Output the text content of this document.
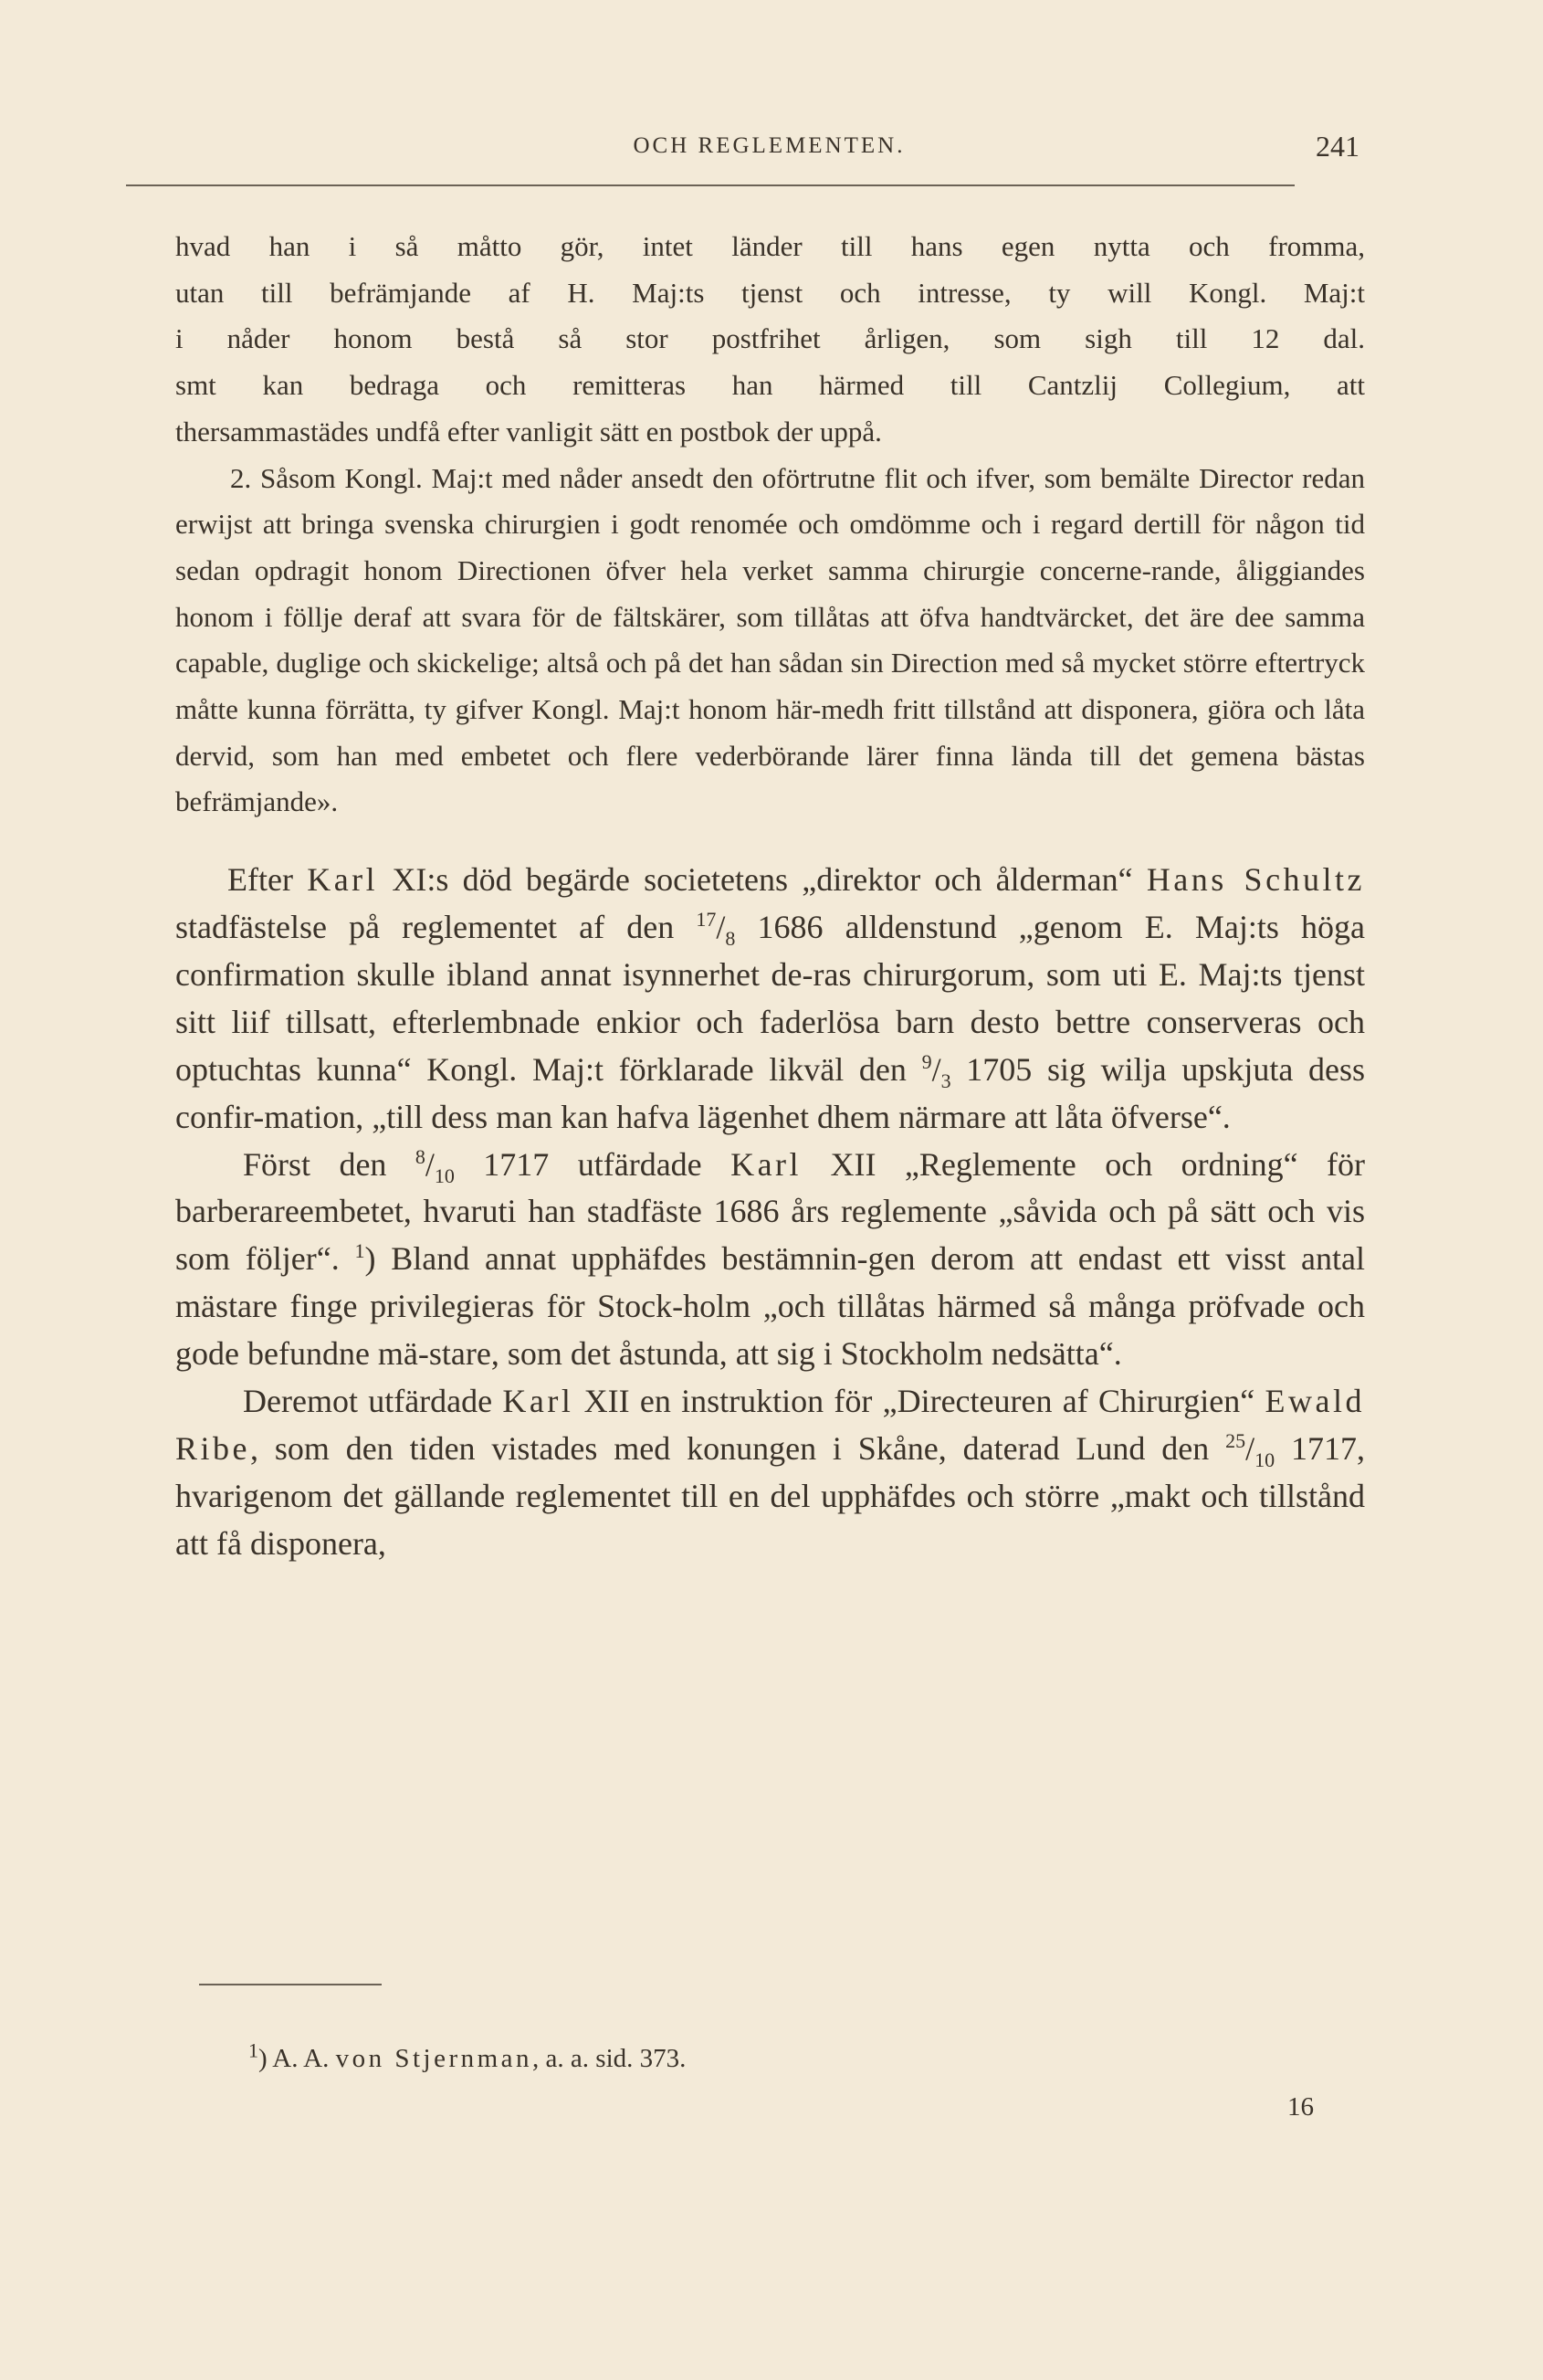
OCH REGLEMENTEN.	241
hvad han i så måtto gör, intet länder till hans egen nytta och fromma,
utan till befrämjande af H. Maj:ts tjenst och intresse, ty will Kongl. Maj:t
i nåder honom bestå så stor postfrihet årligen, som sigh till 12 dal.
smt kan bedraga och remitteras han härmed till Cantzlij Collegium, att
thersammastädes undfå efter vanligit sätt en postbok der uppå.

2. Såsom Kongl. Maj:t med nåder ansedt den oförtrutne flit och ifver, som bemälte Director redan erwijst att bringa svenska chirurgien i godt renomée och omdömme och i regard dertill för någon tid sedan opdragit honom Directionen öfver hela verket samma chirurgie concerne-rande, åliggiandes honom i föllje deraf att svara för de fältskärer, som tillåtas att öfva handtvärcket, det äre dee samma capable, duglige och skickelige; altså och på det han sådan sin Direction med så mycket större eftertryck måtte kunna förrätta, ty gifver Kongl. Maj:t honom här-medh fritt tillstånd att disponera, giöra och låta dervid, som han med embetet och flere vederbörande lärer finna lända till det gemena bästas befrämjande».

Efter Karl XI:s död begärde societetens „direktor och ålderman“ Hans Schultz stadfästelse på reglementet af den $^{17}/_8$ 1686 alldenstund „genom E. Maj:ts höga confirmation skulle ibland annat isynnerhet de-ras chirurgorum, som uti E. Maj:ts tjenst sitt liif tillsatt, efterlembnade enkior och faderlösa barn desto bettre conserveras och optuchtas kunna“ Kongl. Maj:t förklarade likväl den $^9/_3$ 1705 sig wilja upskjuta dess confir-mation, „till dess man kan hafva lägenhet dhem närmare att låta öfverse“.

Först den $^8/_{10}$ 1717 utfärdade Karl XII „Reglemente och ordning“ för barberareembetet, hvaruti han stadfäste 1686 års reglemente „såvida och på sätt och vis som följer“. $^1$) Bland annat upphäfdes bestämnin-gen derom att endast ett visst antal mästare finge privilegieras för Stock-holm „och tillåtas härmed så många pröfvade och gode befundne mä-stare, som det åstunda, att sig i Stockholm nedsätta“.

Deremot utfärdade Karl XII en instruktion för „Directeuren af Chirurgien“ Ewald Ribe, som den tiden vistades med konungen i Skåne, daterad Lund den $^{25}/_{10}$ 1717, hvarigenom det gällande reglementet till en del upphäfdes och större „makt och tillstånd att få disponera,

$^1$) A. A. von Stjernman, a. a. sid. 373.
16
